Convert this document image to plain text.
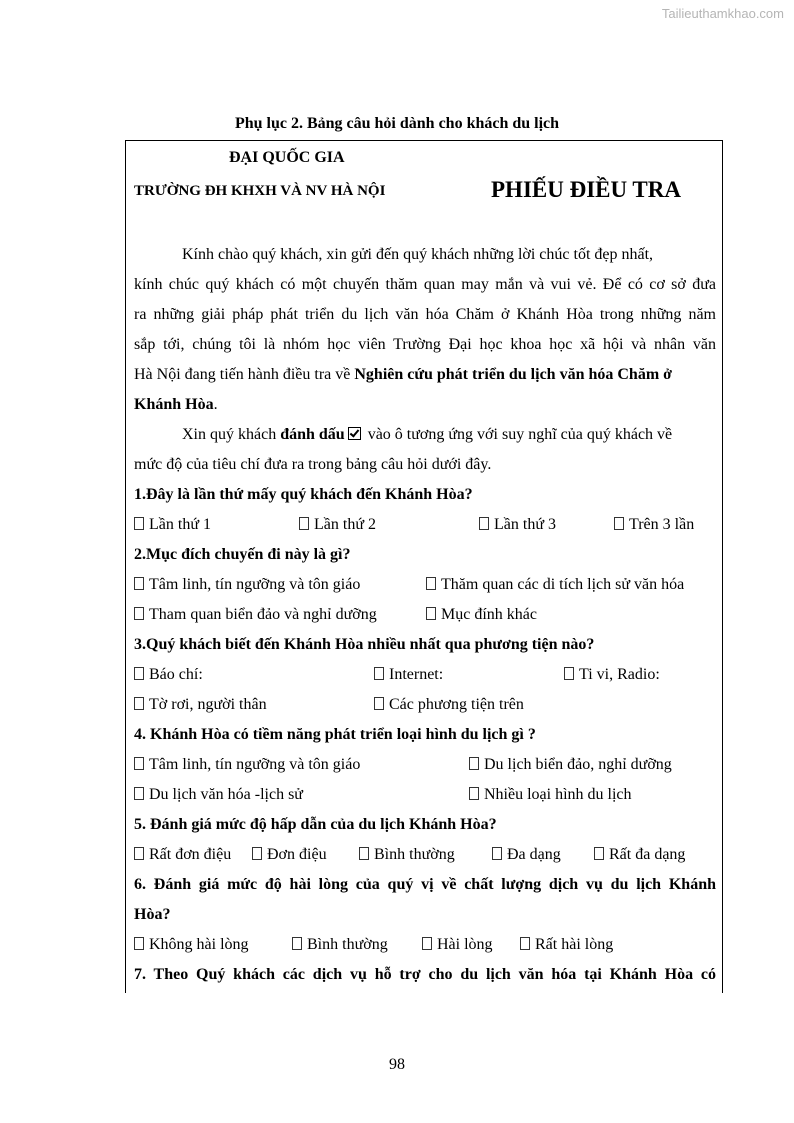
Tailieuthamkhao.com
Phụ lục 2. Bảng câu hỏi dành cho khách du lịch
ĐẠI QUỐC GIA
TRƯỜNG ĐH KHXH VÀ NV HÀ NỘI	PHIẾU ĐIỀU TRA
Kính chào quý khách, xin gửi đến quý khách những lời chúc tốt đẹp nhất,
kính chúc quý khách có một chuyến thăm quan may mắn và vui vẻ. Để có cơ sở đưa
ra những giải pháp phát triển du lịch văn hóa Chăm ở Khánh Hòa trong những năm
sắp tới, chúng tôi là nhóm học viên Trường Đại học khoa học xã hội và nhân văn
Hà Nội đang tiến hành điều tra về Nghiên cứu phát triển du lịch văn hóa Chăm ở
Khánh Hòa.
Xin quý khách đánh dấu vào ô tương ứng với suy nghĩ của quý khách về
mức độ của tiêu chí đưa ra trong bảng câu hỏi dưới đây.
1.Đây là lần thứ mấy quý khách đến Khánh Hòa?
Lần thứ 1	Lần thứ 2	Lần thứ 3	Trên 3 lần
2.Mục đích chuyến đi này là gì?
Tâm linh, tín ngưỡng và tôn giáo	Thăm quan các di tích lịch sử văn hóa
Tham quan biển đảo và nghỉ dưỡng	Mục đính khác
3.Quý khách biết đến Khánh Hòa nhiều nhất qua phương tiện nào?
Báo chí:	Internet:	Ti vi, Radio:
Tờ rơi, người thân	Các phương tiện trên
4. Khánh Hòa có tiềm năng phát triển loại hình du lịch gì ?
Tâm linh, tín ngưỡng và tôn giáo	Du lịch biển đảo, nghỉ dưỡng
Du lịch văn hóa -lịch sử	Nhiều loại hình du lịch
5. Đánh giá mức độ hấp dẫn của du lịch Khánh Hòa?
Rất đơn điệu	Đơn điệu	Bình thường	Đa dạng	Rất đa dạng
6. Đánh giá mức độ hài lòng của quý vị về chất lượng dịch vụ du lịch Khánh
Hòa?
Không hài lòng	Bình thường	Hài lòng	Rất hài lòng
7. Theo Quý khách các dịch vụ hỗ trợ cho du lịch văn hóa tại Khánh Hòa có
98
